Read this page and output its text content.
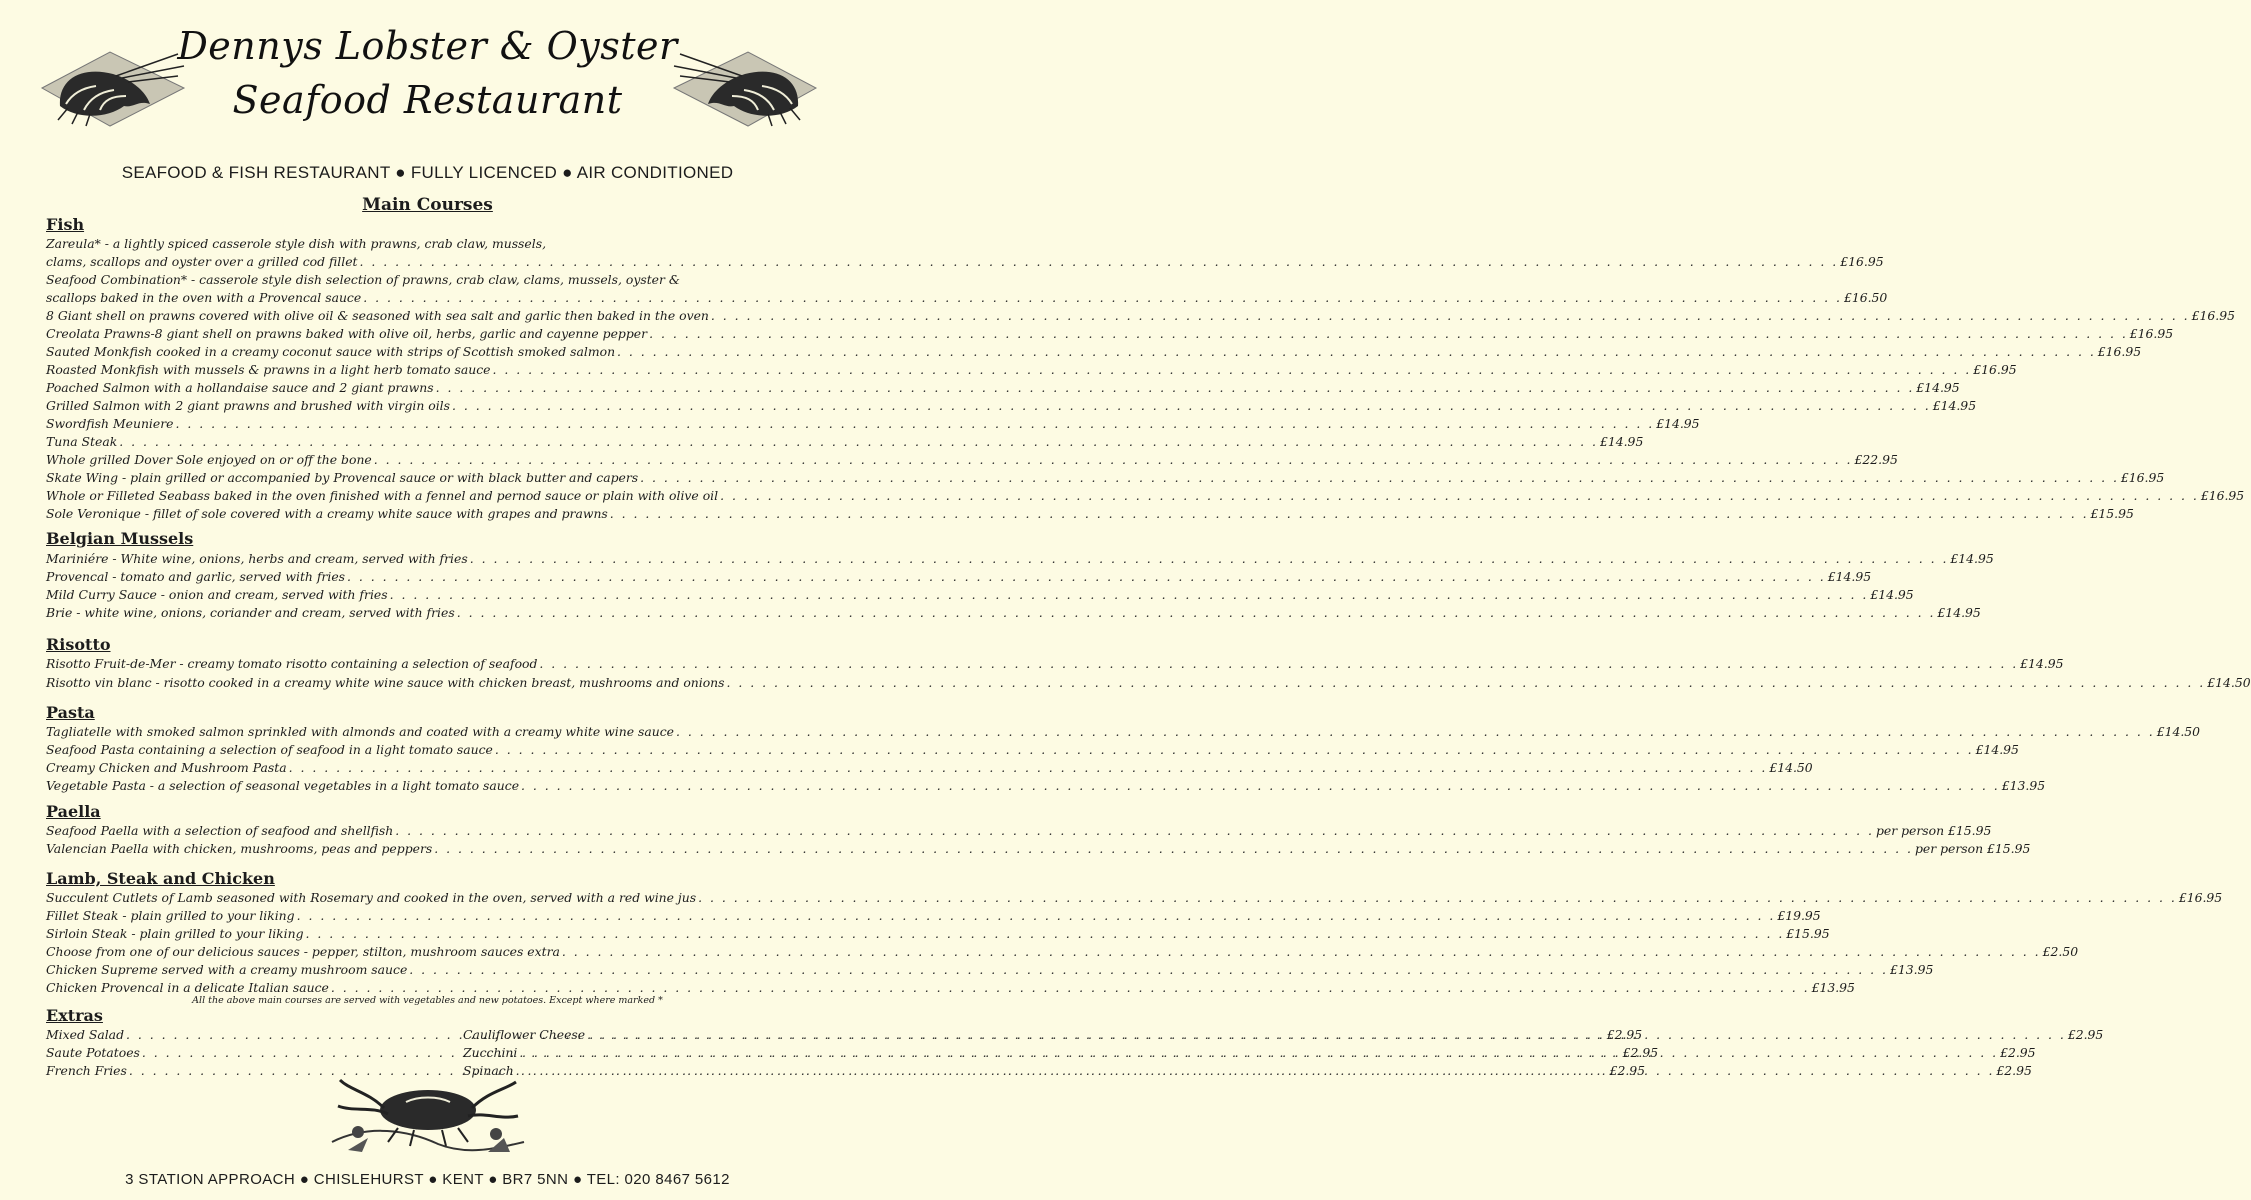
Dennys Lobster & Oyster
Seafood Restaurant
SEAFOOD & FISH RESTAURANT ● FULLY LICENCED ● AIR CONDITIONED
Main Courses
Fish
Zareula* - a lightly spiced casserole style dish with prawns, crab claw, mussels,
clams, scallops and oyster over a grilled cod fillet . . .	£16.95
Seafood Combination* - casserole style dish selection of prawns, crab claw, clams, mussels, oyster &
scallops baked in the oven with a Provencal sauce . . .	£16.50
8 Giant shell on prawns covered with olive oil & seasoned with sea salt and garlic then baked in the oven . . .	£16.95
Creolata Prawns-8 giant shell on prawns baked with olive oil, herbs, garlic and cayenne pepper . . .	£16.95
Sauted Monkfish cooked in a creamy coconut sauce with strips of Scottish smoked salmon . . .	£16.95
Roasted Monkfish with mussels & prawns in a light herb tomato sauce . . .	£16.95
Poached Salmon with a hollandaise sauce and 2 giant prawns . . .	£14.95
Grilled Salmon with 2 giant prawns and brushed with virgin oils . . .	£14.95
Swordfish Meuniere . . .	£14.95
Tuna Steak . . .	£14.95
Whole grilled Dover Sole enjoyed on or off the bone . . .	£22.95
Skate Wing - plain grilled or accompanied by Provencal sauce or with black butter and capers . . .	£16.95
Whole or Filleted Seabass baked in the oven finished with a fennel and pernod sauce or plain with olive oil . . .	£16.95
Sole Veronique - fillet of sole covered with a creamy white sauce with grapes and prawns . . .	£15.95
Belgian Mussels
Mariniére - White wine, onions, herbs and cream, served with fries . . .	£14.95
Provencal - tomato and garlic, served with fries . . .	£14.95
Mild Curry Sauce - onion and cream, served with fries . . .	£14.95
Brie - white wine, onions, coriander and cream, served with fries . . .	£14.95
Risotto
Risotto Fruit-de-Mer - creamy tomato risotto containing a selection of seafood . . .	£14.95
Risotto vin blanc - risotto cooked in a creamy white wine sauce with chicken breast, mushrooms and onions . . .	£14.50
Pasta
Tagliatelle with smoked salmon sprinkled with almonds and coated with a creamy white wine sauce . . .	£14.50
Seafood Pasta containing a selection of seafood in a light tomato sauce . . .	£14.95
Creamy Chicken and Mushroom Pasta . . .	£14.50
Vegetable Pasta - a selection of seasonal vegetables in a light tomato sauce . . .	£13.95
Paella
Seafood Paella with a selection of seafood and shellfish . . .	per person £15.95
Valencian Paella with chicken, mushrooms, peas and peppers . . .	per person £15.95
Lamb, Steak and Chicken
Succulent Cutlets of Lamb seasoned with Rosemary and cooked in the oven, served with a red wine jus . . .	£16.95
Fillet Steak - plain grilled to your liking . . .	£19.95
Sirloin Steak - plain grilled to your liking . . .	£15.95
Choose from one of our delicious sauces - pepper, stilton, mushroom sauces extra . . .	£2.50
Chicken Supreme served with a creamy mushroom sauce . . .	£13.95
Chicken Provencal in a delicate Italian sauce . . .	£13.95
All the above main courses are served with vegetables and new potatoes. Except where marked *
Extras
Mixed Salad . . .	£2.95
Saute Potatoes . . .	£2.95
French Fries . . .	£2.95
Cauliflower Cheese . . .	£2.95
Zucchini . . .	£2.95
Spinach . . .	£2.95
3 STATION APPROACH ● CHISLEHURST ● KENT ● BR7 5NN ● TEL: 020 8467 5612
